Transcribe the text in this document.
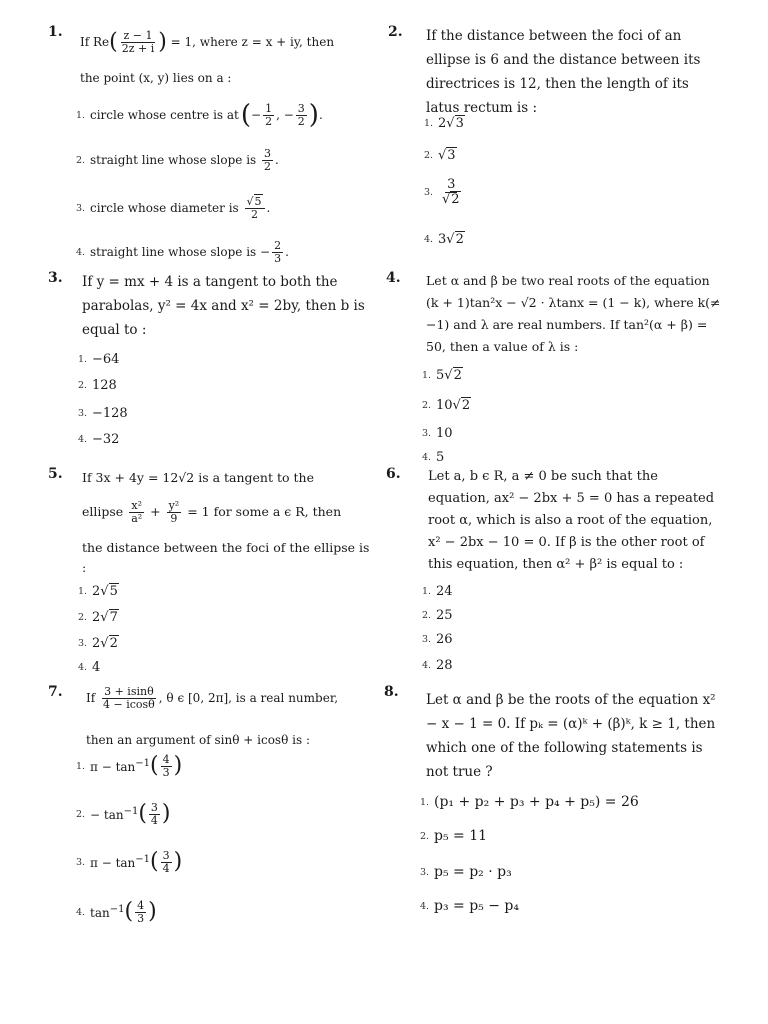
1.
If $Re( \frac{z - 1}{2z + i}$ ) = 1, where z = x + iy, then
the point (x, y) lies on a :
1. circle whose centre is at ( − $\frac{1}{2}$ , − $\frac{3}{2}$ ) .
2. straight line whose slope is
$\frac{3}{2}$ .
3. circle whose diameter is
$\frac{√5}{2}$ .
4. straight line whose slope is − $\frac{2}{3}$ .
2. If the distance between the foci of an ellipse is 6 and the distance between its directrices is 12, then the length of its latus rectum is :
1. 2√3
2. √3
3. $\frac{3}{√2}$
4. 3√2
3. If y = mx + 4 is a tangent to both the parabolas, y² = 4x and x² = 2by, then b is equal to :
1. −64
2. 128
3. −128
4. −32
4. Let α and β be two real roots of the equation (k + 1)tan²x − √2 · λtanx = (1 − k), where k(≠ −1) and λ are real numbers. If tan²(α + β) = 50, then a value of λ is :
1. 5√2
2. 10√2
3. 10
4. 5
5. If 3x + 4y = 12√2 is a tangent to the
ellipse $\frac{\text{x²}}{\text{a²}} + \frac{\text{y²}}{9} = 1$ for some a ϵ R, then
the distance between the foci of the ellipse is :
1. 2√5
2. 2√7
3. 2√2
4. 4
6. Let a, b ϵ R, a ≠ 0 be such that the equation, ax² − 2bx + 5 = 0 has a repeated root α, which is also a root of the equation, x² − 2bx − 10 = 0. If β is the other root of this equation, then α² + β² is equal to :
1. 24
2. 25
3. 26
4. 28
7. If $\frac{3 + isin\theta}{4 - icos\theta}$ , θ ϵ [0, 2π], is a real number,
then an argument of sinθ + icosθ is :
1. $\pi - \tan^{-1}$ ( $\frac{4}{3}$ )
2. − $\tan^{-1}$ ( $\frac{3}{4}$ )
3. $\pi - \tan^{-1}$ ( $\frac{3}{4}$ )
4. $\tan^{-1}$ ( $\frac{4}{3}$ )
8. Let α and β be the roots of the equation x² − x − 1 = 0. If pₖ = (α)ᵏ + (β)ᵏ, k ≥ 1, then which one of the following statements is not true ?
1. (p₁ + p₂ + p₃ + p₄ + p₅) = 26
2. p₅ = 11
3. p₅ = p₂ · p₃
4. p₃ = p₅ − p₄
